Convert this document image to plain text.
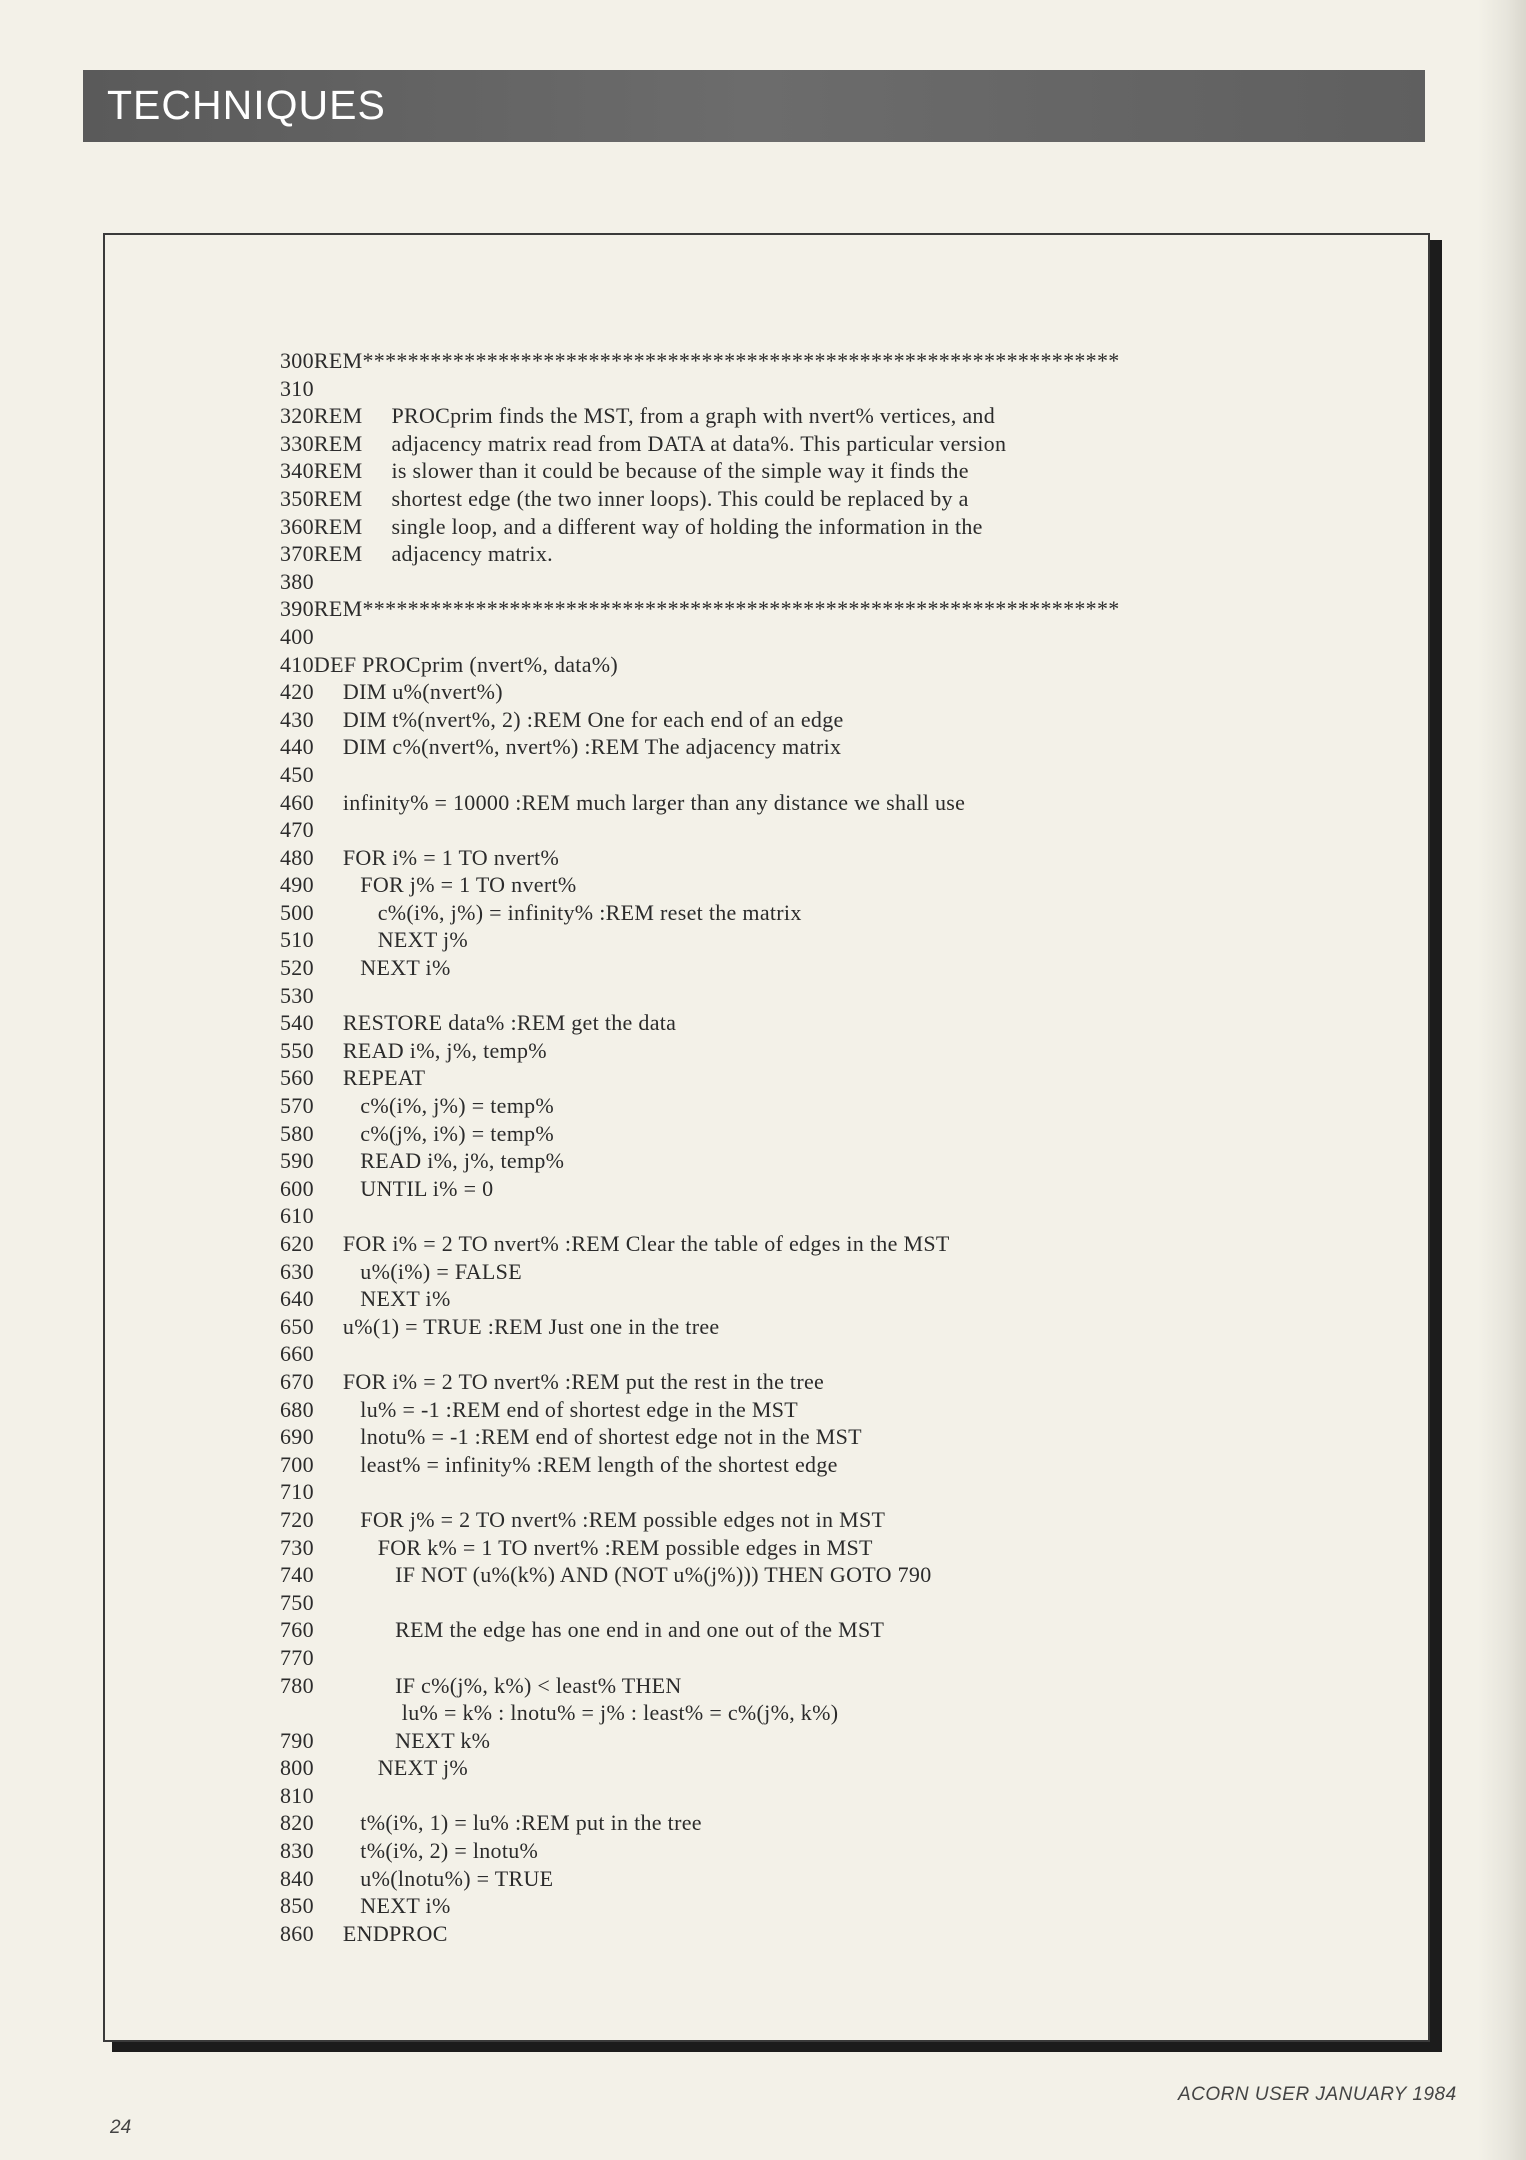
TECHNIQUES
300REM*******************************************************************
310
320REM     PROCprim finds the MST, from a graph with nvert% vertices, and
330REM     adjacency matrix read from DATA at data%. This particular version
340REM     is slower than it could be because of the simple way it finds the
350REM     shortest edge (the two inner loops). This could be replaced by a
360REM     single loop, and a different way of holding the information in the
370REM     adjacency matrix.
380
390REM*******************************************************************
400
410DEF PROCprim (nvert%, data%)
420     DIM u%(nvert%)
430     DIM t%(nvert%, 2) :REM One for each end of an edge
440     DIM c%(nvert%, nvert%) :REM The adjacency matrix
450
460     infinity% = 10000 :REM much larger than any distance we shall use
470
480     FOR i% = 1 TO nvert%
490        FOR j% = 1 TO nvert%
500           c%(i%, j%) = infinity% :REM reset the matrix
510           NEXT j%
520        NEXT i%
530
540     RESTORE data% :REM get the data
550     READ i%, j%, temp%
560     REPEAT
570        c%(i%, j%) = temp%
580        c%(j%, i%) = temp%
590        READ i%, j%, temp%
600        UNTIL i% = 0
610
620     FOR i% = 2 TO nvert% :REM Clear the table of edges in the MST
630        u%(i%) = FALSE
640        NEXT i%
650     u%(1) = TRUE :REM Just one in the tree
660
670     FOR i% = 2 TO nvert% :REM put the rest in the tree
680        lu% = -1 :REM end of shortest edge in the MST
690        lnotu% = -1 :REM end of shortest edge not in the MST
700        least% = infinity% :REM length of the shortest edge
710
720        FOR j% = 2 TO nvert% :REM possible edges not in MST
730           FOR k% = 1 TO nvert% :REM possible edges in MST
740              IF NOT (u%(k%) AND (NOT u%(j%))) THEN GOTO 790
750
760              REM the edge has one end in and one out of the MST
770
780              IF c%(j%, k%) < least% THEN
lu% = k% : lnotu% = j% : least% = c%(j%, k%)
790              NEXT k%
800           NEXT j%
810
820        t%(i%, 1) = lu% :REM put in the tree
830        t%(i%, 2) = lnotu%
840        u%(lnotu%) = TRUE
850        NEXT i%
860     ENDPROC
24
ACORN USER JANUARY 1984
